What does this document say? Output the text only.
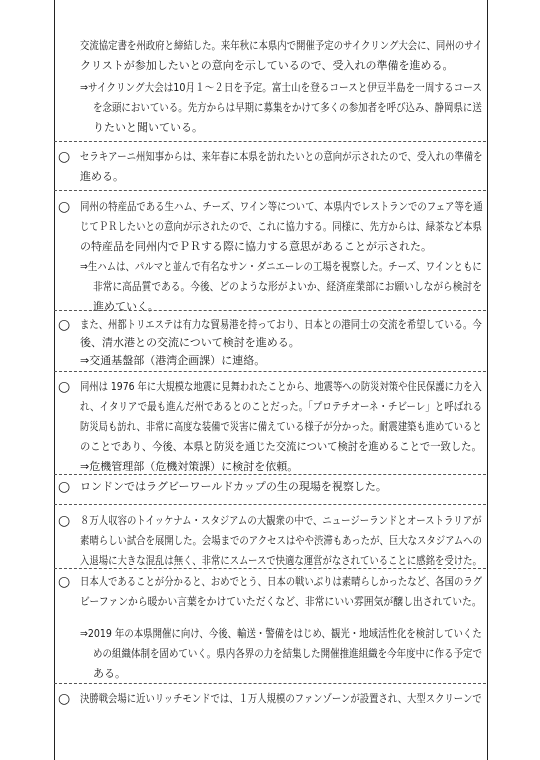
交流協定書を州政府と締結した。来年秋に本県内で開催予定のサイクリング大会に、同州のサイ
クリストが参加したいとの意向を示しているので、受入れの準備を進める。
⇒サイクリング大会は10月１～２日を予定。富士山を登るコースと伊豆半島を一周するコース
を念頭においている。先方からは早期に募集をかけて多くの参加者を呼び込み、静岡県に送
りたいと聞いている。
○ セラキアーニ州知事からは、来年春に本県を訪れたいとの意向が示されたので、受入れの準備を
進める。
○ 同州の特産品である生ハム、チーズ、ワイン等について、本県内でレストランでのフェア等を通
じてＰＲしたいとの意向が示されたので、これに協力する。同様に、先方からは、緑茶など本県
の特産品を同州内でＰＲする際に協力する意思があることが示された。
⇒生ハムは、パルマと並んで有名なサン・ダニエーレの工場を視察した。チーズ、ワインともに
非常に高品質である。今後、どのような形がよいか、経済産業部にお願いしながら検討を
進めていく。
○ また、州都トリエステは有力な貿易港を持っており、日本との港同士の交流を希望している。今
後、清水港との交流について検討を進める。
⇒交通基盤部（港湾企画課）に連絡。
○ 同州は 1976 年に大規模な地震に見舞われたことから、地震等への防災対策や住民保護に力を入
れ、イタリアで最も進んだ州であるとのことだった。「プロテチオーネ・チビーレ」と呼ばれる
防災局も訪れ、非常に高度な装備で災害に備えている様子が分かった。耐震建築も進めていると
のことであり、今後、本県と防災を通じた交流について検討を進めることで一致した。
⇒危機管理部（危機対策課）に検討を依頼。
○ ロンドンではラグビーワールドカップの生の現場を視察した。
○ ８万人収容のトイッケナム・スタジアムの大観衆の中で、ニュージーランドとオーストラリアが
素晴らしい試合を展開した。会場までのアクセスはやや渋滞もあったが、巨大なスタジアムへの
入退場に大きな混乱は無く、非常にスムースで快適な運営がなされていることに感銘を受けた。
○ 日本人であることが分かると、おめでとう、日本の戦いぶりは素晴らしかったなど、各国のラグ
ビーファンから暖かい言葉をかけていただくなど、非常にいい雰囲気が醸し出されていた。
⇒2019 年の本県開催に向け、今後、輸送・警備をはじめ、観光・地域活性化を検討していくた
めの組織体制を固めていく。県内各界の力を結集した開催推進組織を今年度中に作る予定で
ある。
○ 決勝戦会場に近いリッチモンドでは、１万人規模のファンゾーンが設置され、大型スクリーンで
